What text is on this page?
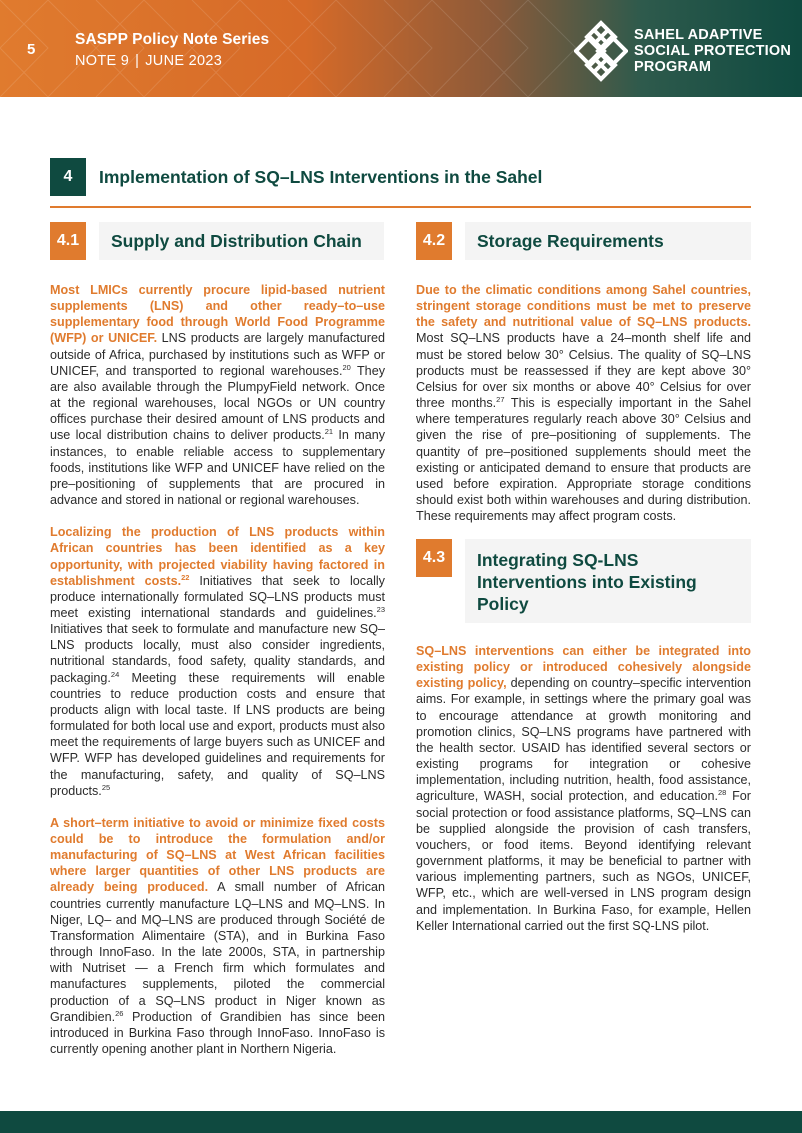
5
SASPP Policy Note Series
NOTE 9 | JUNE 2023
SAHEL ADAPTIVE
SOCIAL PROTECTION
PROGRAM
4	Implementation of SQ–LNS Interventions in the Sahel
4.1	Supply and Distribution Chain	4.2	Storage Requirements

Most LMICs currently procure lipid-based nutrient supplements (LNS) and other ready–to–use supplementary food through World Food Programme (WFP) or UNICEF. LNS products are largely manufactured outside of Africa, purchased by institutions such as WFP or UNICEF, and transported to regional warehouses.$^{20}$ They are also available through the PlumpyField network. Once at the regional warehouses, local NGOs or UN country offices purchase their desired amount of LNS products and use local distribution chains to deliver products.$^{21}$ In many instances, to enable reliable access to supplementary foods, institutions like WFP and UNICEF have relied on the pre–positioning of supplements that are procured in advance and stored in national or regional warehouses.

Localizing the production of LNS products within African countries has been identified as a key opportunity, with projected viability having factored in establishment costs.$^{22}$ Initiatives that seek to locally produce internationally formulated SQ–LNS products must meet existing international standards and guidelines.$^{23}$ Initiatives that seek to formulate and manufacture new SQ–LNS products locally, must also consider ingredients, nutritional standards, food safety, quality standards, and packaging.$^{24}$ Meeting these requirements will enable countries to reduce production costs and ensure that products align with local taste. If LNS products are being formulated for both local use and export, products must also meet the requirements of large buyers such as UNICEF and WFP. WFP has developed guidelines and requirements for the manufacturing, safety, and quality of SQ–LNS products.$^{25}$

A short–term initiative to avoid or minimize fixed costs could be to introduce the formulation and/or manufacturing of SQ–LNS at West African facilities where larger quantities of other LNS products are already being produced. A small number of African countries currently manufacture LQ–LNS and MQ–LNS. In Niger, LQ– and MQ–LNS are produced through Société de Transformation Alimentaire (STA), and in Burkina Faso through InnoFaso. In the late 2000s, STA, in partnership with Nutriset — a French firm which formulates and manufactures supplements, piloted the commercial production of a SQ–LNS product in Niger known as Grandibien.$^{26}$ Production of Grandibien has since been introduced in Burkina Faso through InnoFaso. InnoFaso is currently opening another plant in Northern Nigeria.

Due to the climatic conditions among Sahel countries, stringent storage conditions must be met to preserve the safety and nutritional value of SQ–LNS products. Most SQ–LNS products have a 24–month shelf life and must be stored below 30° Celsius. The quality of SQ–LNS products must be reassessed if they are kept above 30° Celsius for over six months or above 40° Celsius for over three months.$^{27}$ This is especially important in the Sahel where temperatures regularly reach above 30° Celsius and given the rise of pre–positioning of supplements. The quantity of pre–positioned supplements should meet the existing or anticipated demand to ensure that products are used before expiration. Appropriate storage conditions should exist both within warehouses and during distribution. These requirements may affect program costs.

4.3	Integrating SQ-LNS
Interventions into Existing
Policy

SQ–LNS interventions can either be integrated into existing policy or introduced cohesively alongside existing policy, depending on country–specific intervention aims. For example, in settings where the primary goal was to encourage attendance at growth monitoring and promotion clinics, SQ–LNS programs have partnered with the health sector. USAID has identified several sectors or existing programs for integration or cohesive implementation, including nutrition, health, food assistance, agriculture, WASH, social protection, and education.$^{28}$ For social protection or food assistance platforms, SQ–LNS can be supplied alongside the provision of cash transfers, vouchers, or food items. Beyond identifying relevant government platforms, it may be beneficial to partner with various implementing partners, such as NGOs, UNICEF, WFP, etc., which are well-versed in LNS program design and implementation. In Burkina Faso, for example, Hellen Keller International carried out the first SQ-LNS pilot.
